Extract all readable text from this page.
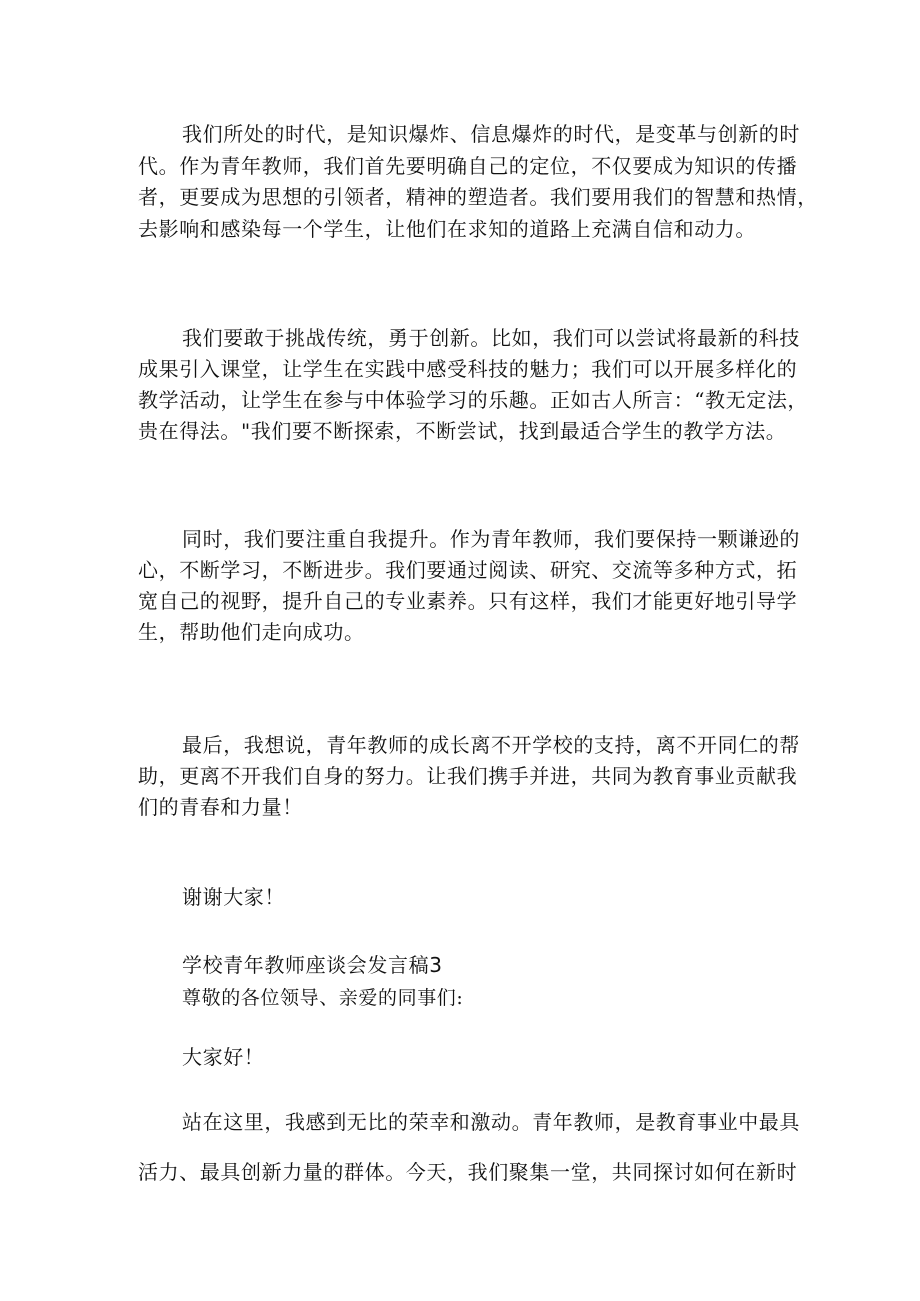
我们所处的时代，是知识爆炸、信息爆炸的时代，是变革与创新的时
代。作为青年教师，我们首先要明确自己的定位，不仅要成为知识的传播
者，更要成为思想的引领者，精神的塑造者。我们要用我们的智慧和热情，
去影响和感染每一个学生，让他们在求知的道路上充满自信和动力。
我们要敢于挑战传统，勇于创新。比如，我们可以尝试将最新的科技
成果引入课堂，让学生在实践中感受科技的魅力；我们可以开展多样化的
教学活动，让学生在参与中体验学习的乐趣。正如古人所言：“教无定法，
贵在得法。"我们要不断探索，不断尝试，找到最适合学生的教学方法。
同时，我们要注重自我提升。作为青年教师，我们要保持一颗谦逊的
心，不断学习，不断进步。我们要通过阅读、研究、交流等多种方式，拓
宽自己的视野，提升自己的专业素养。只有这样，我们才能更好地引导学
生，帮助他们走向成功。
最后，我想说，青年教师的成长离不开学校的支持，离不开同仁的帮
助，更离不开我们自身的努力。让我们携手并进，共同为教育事业贡献我
们的青春和力量！
谢谢大家！
学校青年教师座谈会发言稿3
尊敬的各位领导、亲爱的同事们:
大家好！
站在这里，我感到无比的荣幸和激动。青年教师，是教育事业中最具
活力、最具创新力量的群体。今天，我们聚集一堂，共同探讨如何在新时
